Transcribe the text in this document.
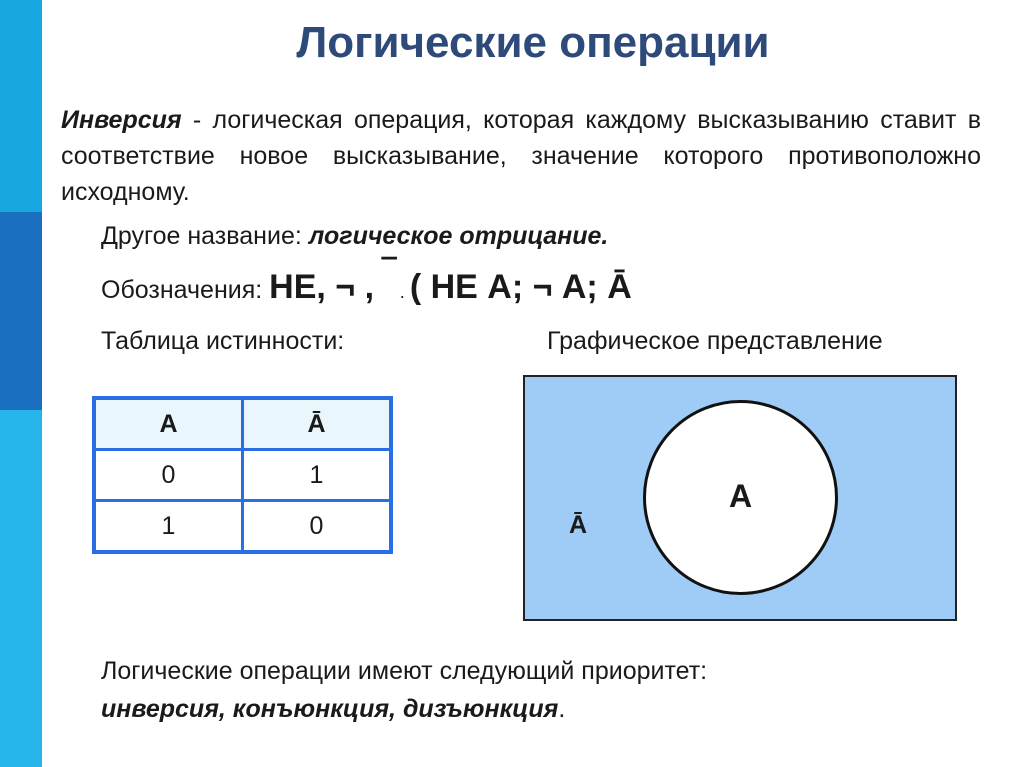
Логические операции
Инверсия - логическая операция, которая каждому высказыванию ставит в соответствие новое высказывание, значение которого противоположно исходному.
Другое название: логическое отрицание.
Обозначения: НЕ, ¬ , ‾ . ( НЕ А; ¬ А; Ā
Таблица истинности:	Графическое представление
А	Ā
0	1
1	0
А
Ā
Логические операции имеют следующий приоритет:
инверсия, конъюнкция, дизъюнкция.
